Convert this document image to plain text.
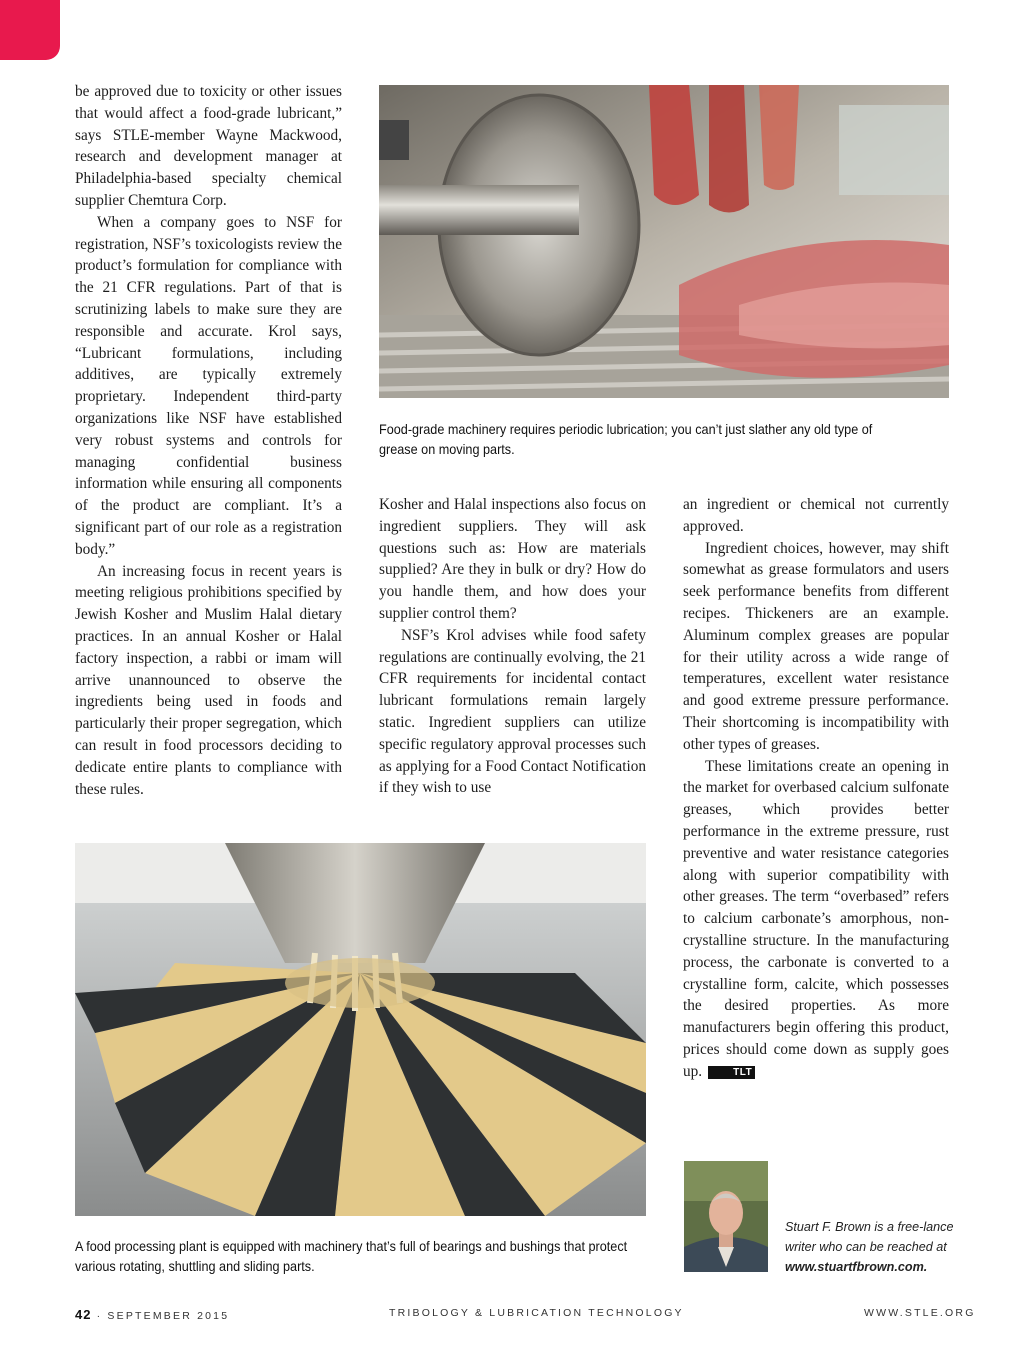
be approved due to toxicity or other issues that would affect a food-grade lubricant,” says STLE-member Wayne Mackwood, research and development manager at Philadelphia-based specialty chemical supplier Chemtura Corp.

When a company goes to NSF for registration, NSF’s toxicologists review the product’s formulation for compliance with the 21 CFR regulations. Part of that is scrutinizing labels to make sure they are responsible and accurate. Krol says, “Lubricant formulations, including additives, are typically extremely proprietary. Independent third-party organizations like NSF have established very robust systems and controls for managing confidential business information while ensuring all components of the product are compliant. It’s a significant part of our role as a registration body.”

An increasing focus in recent years is meeting religious prohibitions specified by Jewish Kosher and Muslim Halal dietary practices. In an annual Kosher or Halal factory inspection, a rabbi or imam will arrive unannounced to observe the ingredients being used in foods and particularly their proper segregation, which can result in food processors deciding to dedicate entire plants to compliance with these rules.

Food-grade machinery requires periodic lubrication; you can’t just slather any old type of grease on moving parts.

Kosher and Halal inspections also focus on ingredient suppliers. They will ask questions such as: How are materials supplied? Are they in bulk or dry? How do you handle them, and how does your supplier control them?

NSF’s Krol advises while food safety regulations are continually evolving, the 21 CFR requirements for incidental contact lubricant formulations remain largely static. Ingredient suppliers can utilize specific regulatory approval processes such as applying for a Food Contact Notification if they wish to use

an ingredient or chemical not currently approved.

Ingredient choices, however, may shift somewhat as grease formulators and users seek performance benefits from different recipes. Thickeners are an example. Aluminum complex greases are popular for their utility across a wide range of temperatures, excellent water resistance and good extreme pressure performance. Their shortcoming is incompatibility with other types of greases.

These limitations create an opening in the market for overbased calcium sulfonate greases, which provides better performance in the extreme pressure, rust preventive and water resistance categories along with superior compatibility with other greases. The term “overbased” refers to calcium carbonate’s amorphous, non-crystalline structure. In the manufacturing process, the carbonate is converted to a crystalline form, calcite, which possesses the desired properties. As more manufacturers begin offering this product, prices should come down as supply goes up.	TLT

A food processing plant is equipped with machinery that’s full of bearings and bushings that protect various rotating, shuttling and sliding parts.
Stuart F. Brown is a free-lance writer who can be reached at www.stuartfbrown.com.
42 · SEPTEMBER 2015	TRIBOLOGY & LUBRICATION TECHNOLOGY	WWW.STLE.ORG
